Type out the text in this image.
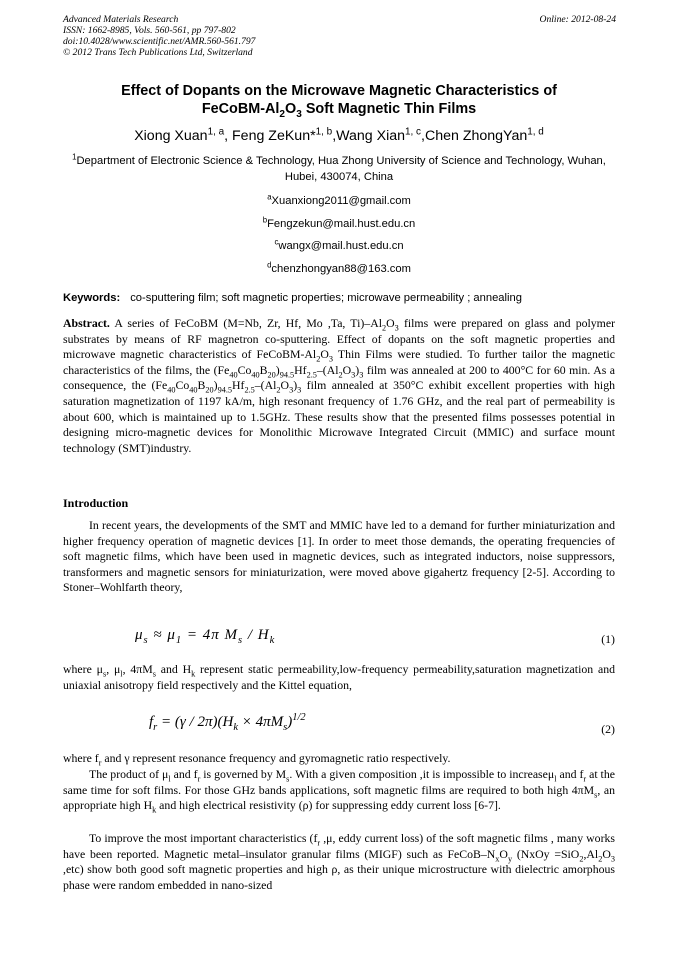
Advanced Materials Research
ISSN: 1662-8985, Vols. 560-561, pp 797-802
doi:10.4028/www.scientific.net/AMR.560-561.797
© 2012 Trans Tech Publications Ltd, Switzerland
Online: 2012-08-24
Effect of Dopants on the Microwave Magnetic Characteristics of
FeCoBM-$Al_2O_3$ Soft Magnetic Thin Films
Xiong Xuan$^{1, a}$, Feng ZeKun*$^{1, b}$,Wang Xian$^{1, c}$,Chen ZhongYan$^{1, d}$
$^1$Department of Electronic Science & Technology, Hua Zhong University of Science and Technology, Wuhan, Hubei, 430074, China
$^a$Xuanxiong2011@gmail.com
$^b$Fengzekun@mail.hust.edu.cn
$^c$wangx@mail.hust.edu.cn
$^d$chenzhongyan88@163.com
Keywords: co-sputtering film; soft magnetic properties; microwave permeability ; annealing

Abstract. A series of FeCoBM (M=Nb, Zr, Hf, Mo ,Ta, $Ti)-Al_2O_3$ films were prepared on glass and polymer substrates by means of RF magnetron co-sputtering. Effect of dopants on the soft magnetic properties and microwave magnetic characteristics of FeCoBM-$Al_2O_3$ Thin Films were studied. To further tailor the magnetic characteristics of the films, the $(Fe_{40}Co_{40}B_{20})_{94.5}Hf_{2.5}-(Al_2O_3)_3$ film was annealed at 200 to 400°C for 60 min. As a consequence, the $(Fe_{40}Co_{40}B_{20})_{94.5}Hf_{2.5}-(Al_2O_3)_3$ film annealed at 350°C exhibit excellent properties with high saturation magnetization of 1197 kA/m, high resonant frequency of 1.76 GHz, and the real part of permeability is about 600, which is maintained up to 1.5GHz. These results show that the presented films possesses potential in designing micro-magnetic devices for Monolithic Microwave Integrated Circuit (MMIC) and surface mount technology (SMT)industry.

Introduction

In recent years, the developments of the SMT and MMIC have led to a demand for further miniaturization and higher frequency operation of magnetic devices [1]. In order to meet those demands, the operating frequencies of soft magnetic films, which have been used in magnetic devices, such as integrated inductors, noise suppressors, transformers and magnetic sensors for miniaturization, were moved above gigahertz frequency [2-5]. According to Stoner–Wohlfarth theory,

$\mu_s \approx \mu_1 = 4\pi$ $M_s / H_k$	(1)

where $\mu_s$, $\mu_l$, $4\pi M_s$ and $H_k$ represent static permeability,low-frequency permeability,saturation magnetization and uniaxial anisotropy field respectively and the Kittel equation,

$f_r = (\gamma / 2\pi)(H_k \times 4\pi M_s)^{1/2}$
(2)

where $f_r$ and γ represent resonance frequency and gyromagnetic ratio respectively.

The product of $\mu_l$ and $f_r$ is governed by $M_s$. With a given composition ,it is impossible to increaseμ$_l$ and $f_r$ at the same time for soft films. For those GHz bands applications, soft magnetic films are required to both high $4\pi M_s$, an appropriate high $H_k$ and high electrical resistivity (ρ) for suppressing eddy current loss [6-7].

To improve the most important characteristics ($f_r$ ,μ, eddy current loss) of the soft magnetic films , many works have been reported. Magnetic metal–insulator granular films (MIGF) such as FeCoB–$N_xO_y$ (NxOy $=SiO_2,Al_2O_3$ ,etc) show both good soft magnetic properties and high ρ, as their unique microstructure with dielectric amorphous phase were random embedded in nano-sized
